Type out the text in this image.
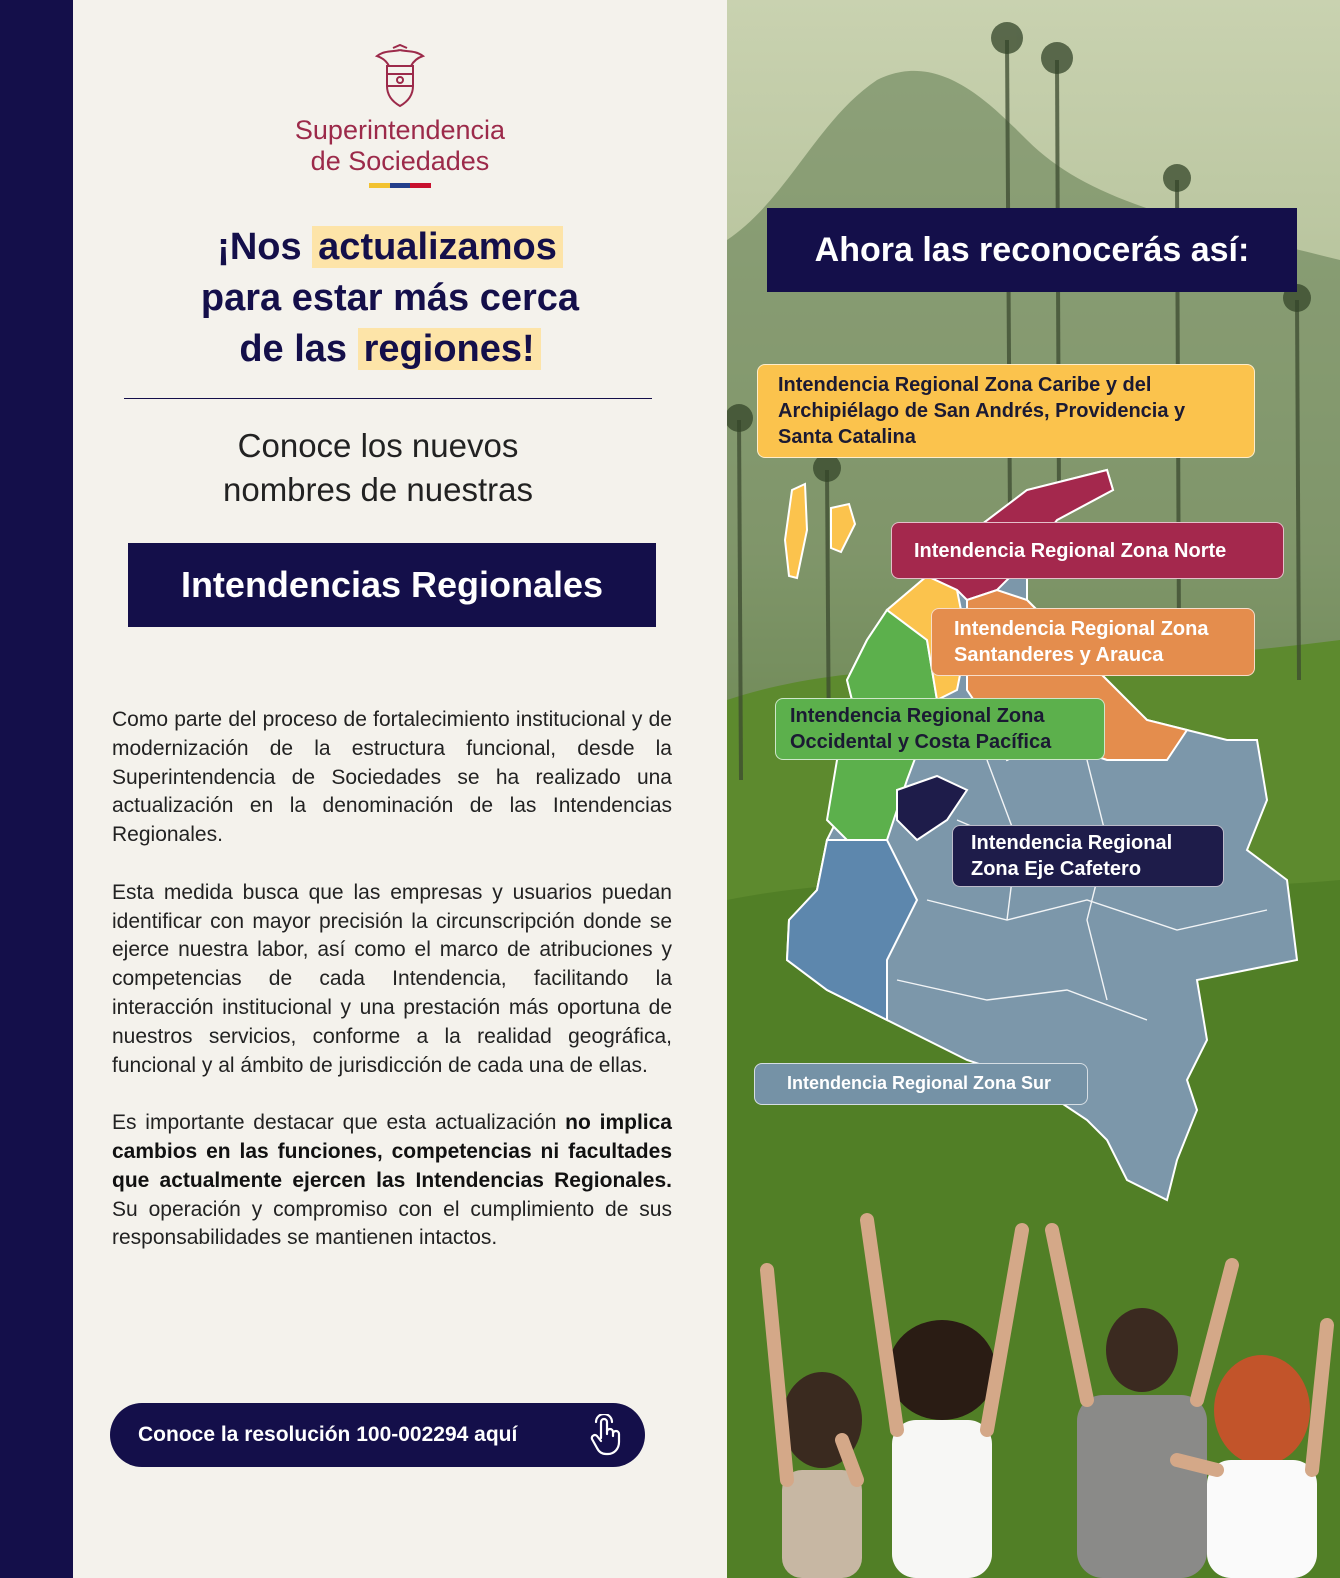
Superintendencia
de Sociedades
¡Nos actualizamos
para estar más cerca
de las regiones!
Conoce los nuevos
nombres de nuestras
Intendencias Regionales

Como parte del proceso de fortalecimiento institucional y de modernización de la estructura funcional, desde la Superintendencia de Sociedades se ha realizado una actualización en la denominación de las Intendencias Regionales.

Esta medida busca que las empresas y usuarios puedan identificar con mayor precisión la circunscripción donde se ejerce nuestra labor, así como el marco de atribuciones y competencias de cada Intendencia, facilitando la interacción institucional y una prestación más oportuna de nuestros servicios, conforme a la realidad geográfica, funcional y al ámbito de jurisdicción de cada una de ellas.

Es importante destacar que esta actualización no implica cambios en las funciones, competencias ni facultades que actualmente ejercen las Intendencias Regionales. Su operación y compromiso con el cumplimiento de sus responsabilidades se mantienen intactos.

Conoce la resolución 100-002294 aquí
Ahora las reconocerás así:
Intendencia Regional Zona Caribe y del
Archipiélago de San Andrés, Providencia y
Santa Catalina
Intendencia Regional Zona Norte
Intendencia Regional Zona
Santanderes y Arauca
Intendencia Regional Zona
Occidental y Costa Pacífica
Intendencia Regional
Zona Eje Cafetero
Intendencia Regional Zona Sur
